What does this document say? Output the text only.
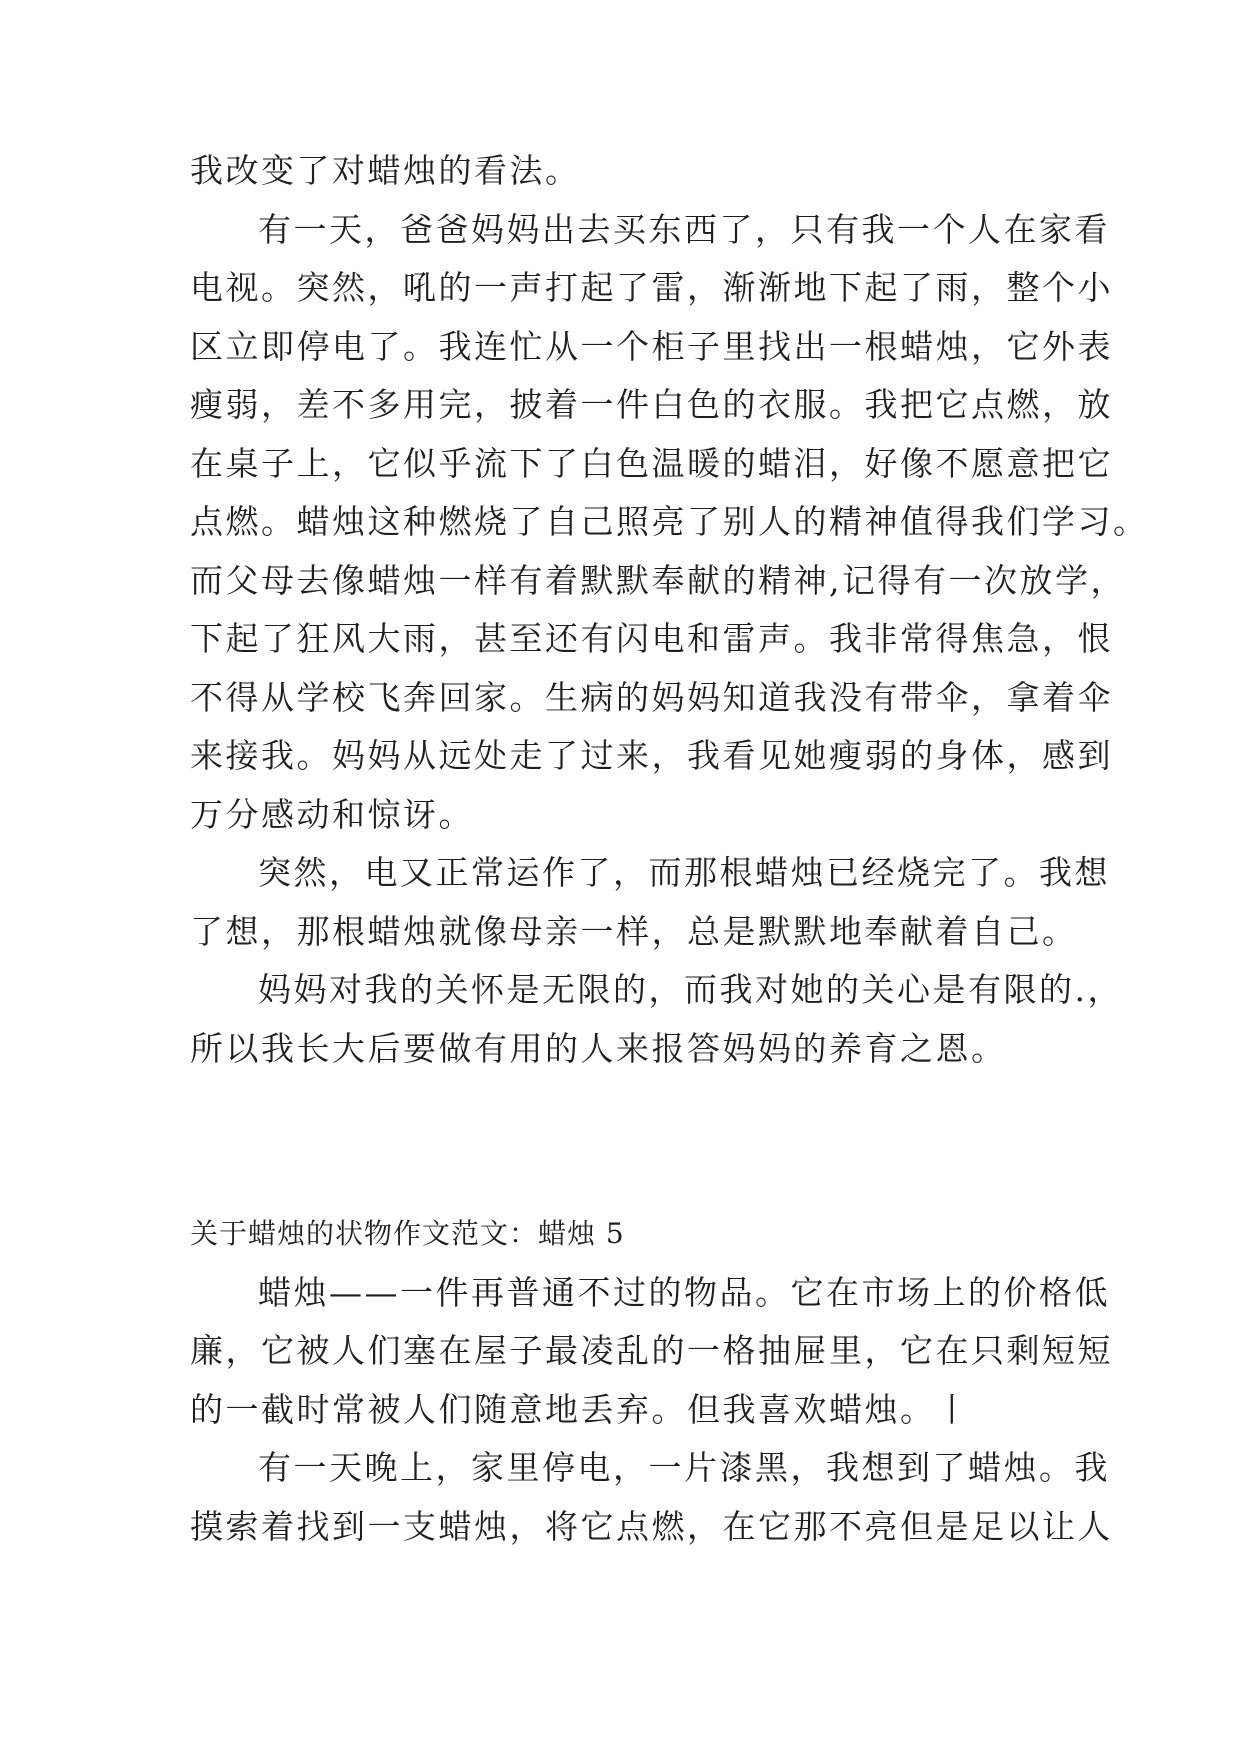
我改变了对蜡烛的看法。
有一天，爸爸妈妈出去买东西了，只有我一个人在家看
电视。突然，吼的一声打起了雷，渐渐地下起了雨，整个小
区立即停电了。我连忙从一个柜子里找出一根蜡烛，它外表
瘦弱，差不多用完，披着一件白色的衣服。我把它点燃，放
在桌子上，它似乎流下了白色温暖的蜡泪，好像不愿意把它
点燃。蜡烛这种燃烧了自己照亮了别人的精神值得我们学习。
而父母去像蜡烛一样有着默默奉献的精神,记得有一次放学，
下起了狂风大雨，甚至还有闪电和雷声。我非常得焦急，恨
不得从学校飞奔回家。生病的妈妈知道我没有带伞，拿着伞
来接我。妈妈从远处走了过来，我看见她瘦弱的身体，感到
万分感动和惊讶。
突然，电又正常运作了，而那根蜡烛已经烧完了。我想
了想，那根蜡烛就像母亲一样，总是默默地奉献着自己。
妈妈对我的关怀是无限的，而我对她的关心是有限的.，
所以我长大后要做有用的人来报答妈妈的养育之恩。
关于蜡烛的状物作文范文：蜡烛 5
蜡烛——一件再普通不过的物品。它在市场上的价格低
廉，它被人们塞在屋子最凌乱的一格抽屉里，它在只剩短短
的一截时常被人们随意地丢弃。但我喜欢蜡烛。丨
有一天晚上，家里停电，一片漆黑，我想到了蜡烛。我
摸索着找到一支蜡烛，将它点燃，在它那不亮但是足以让人
